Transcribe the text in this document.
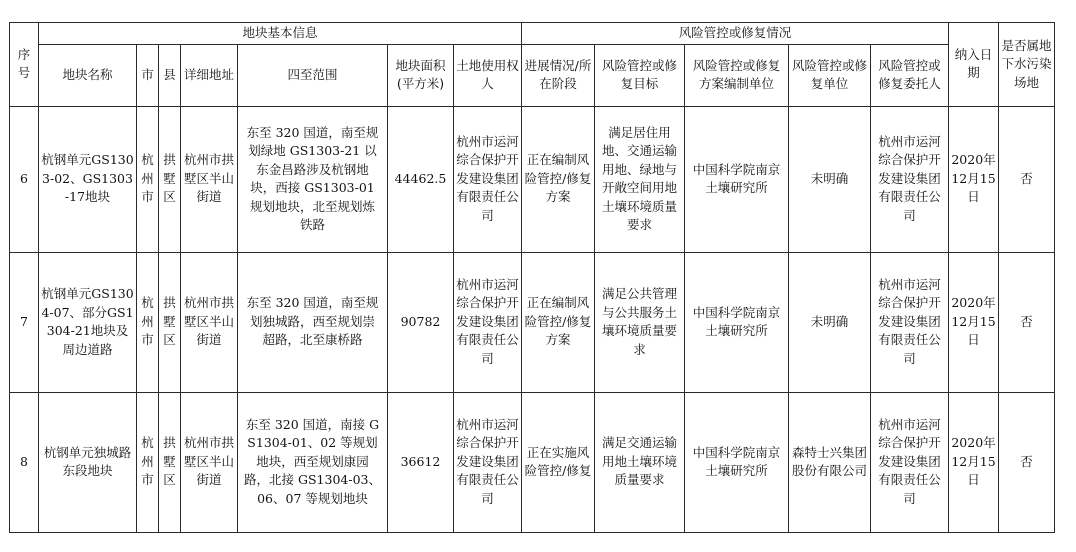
序号	地块基本信息							风险管控或修复情况					纳入日期	是否属地下水污染场地
	地块名称	市	县	详细地址	四至范围	地块面积(平方米)	土地使用权人	进展情况/所在阶段	风险管控或修复目标	风险管控或修复方案编制单位	风险管控或修复单位	风险管控或修复委托人		
6	杭钢单元GS1303-02、GS1303-17地块	杭州市	拱墅区	杭州市拱墅区半山街道	东至 320 国道，南至规划绿地 GS1303-21 以东金昌路涉及杭钢地块，西接 GS1303-01 规划地块，北至规划炼铁路	44462.5	杭州市运河综合保护开发建设集团有限责任公司	正在编制风险管控/修复方案	满足居住用地、交通运输用地、绿地与开敞空间用地土壤环境质量要求	中国科学院南京土壤研究所	未明确	杭州市运河综合保护开发建设集团有限责任公司	2020年12月15日	否
7	杭钢单元GS1304-07、部分GS1304-21地块及周边道路	杭州市	拱墅区	杭州市拱墅区半山街道	东至 320 国道，南至规划独城路，西至规划崇超路，北至康桥路	90782	杭州市运河综合保护开发建设集团有限责任公司	正在编制风险管控/修复方案	满足公共管理与公共服务土壤环境质量要求	中国科学院南京土壤研究所	未明确	杭州市运河综合保护开发建设集团有限责任公司	2020年12月15日	否
8	杭钢单元独城路东段地块	杭州市	拱墅区	杭州市拱墅区半山街道	东至 320 国道，南接 GS1304-01、02 等规划地块，西至规划康园路，北接 GS1304-03、06、07 等规划地块	36612	杭州市运河综合保护开发建设集团有限责任公司	正在实施风险管控/修复	满足交通运输用地土壤环境质量要求	中国科学院南京土壤研究所	森特士兴集团股份有限公司	杭州市运河综合保护开发建设集团有限责任公司	2020年12月15日	否
